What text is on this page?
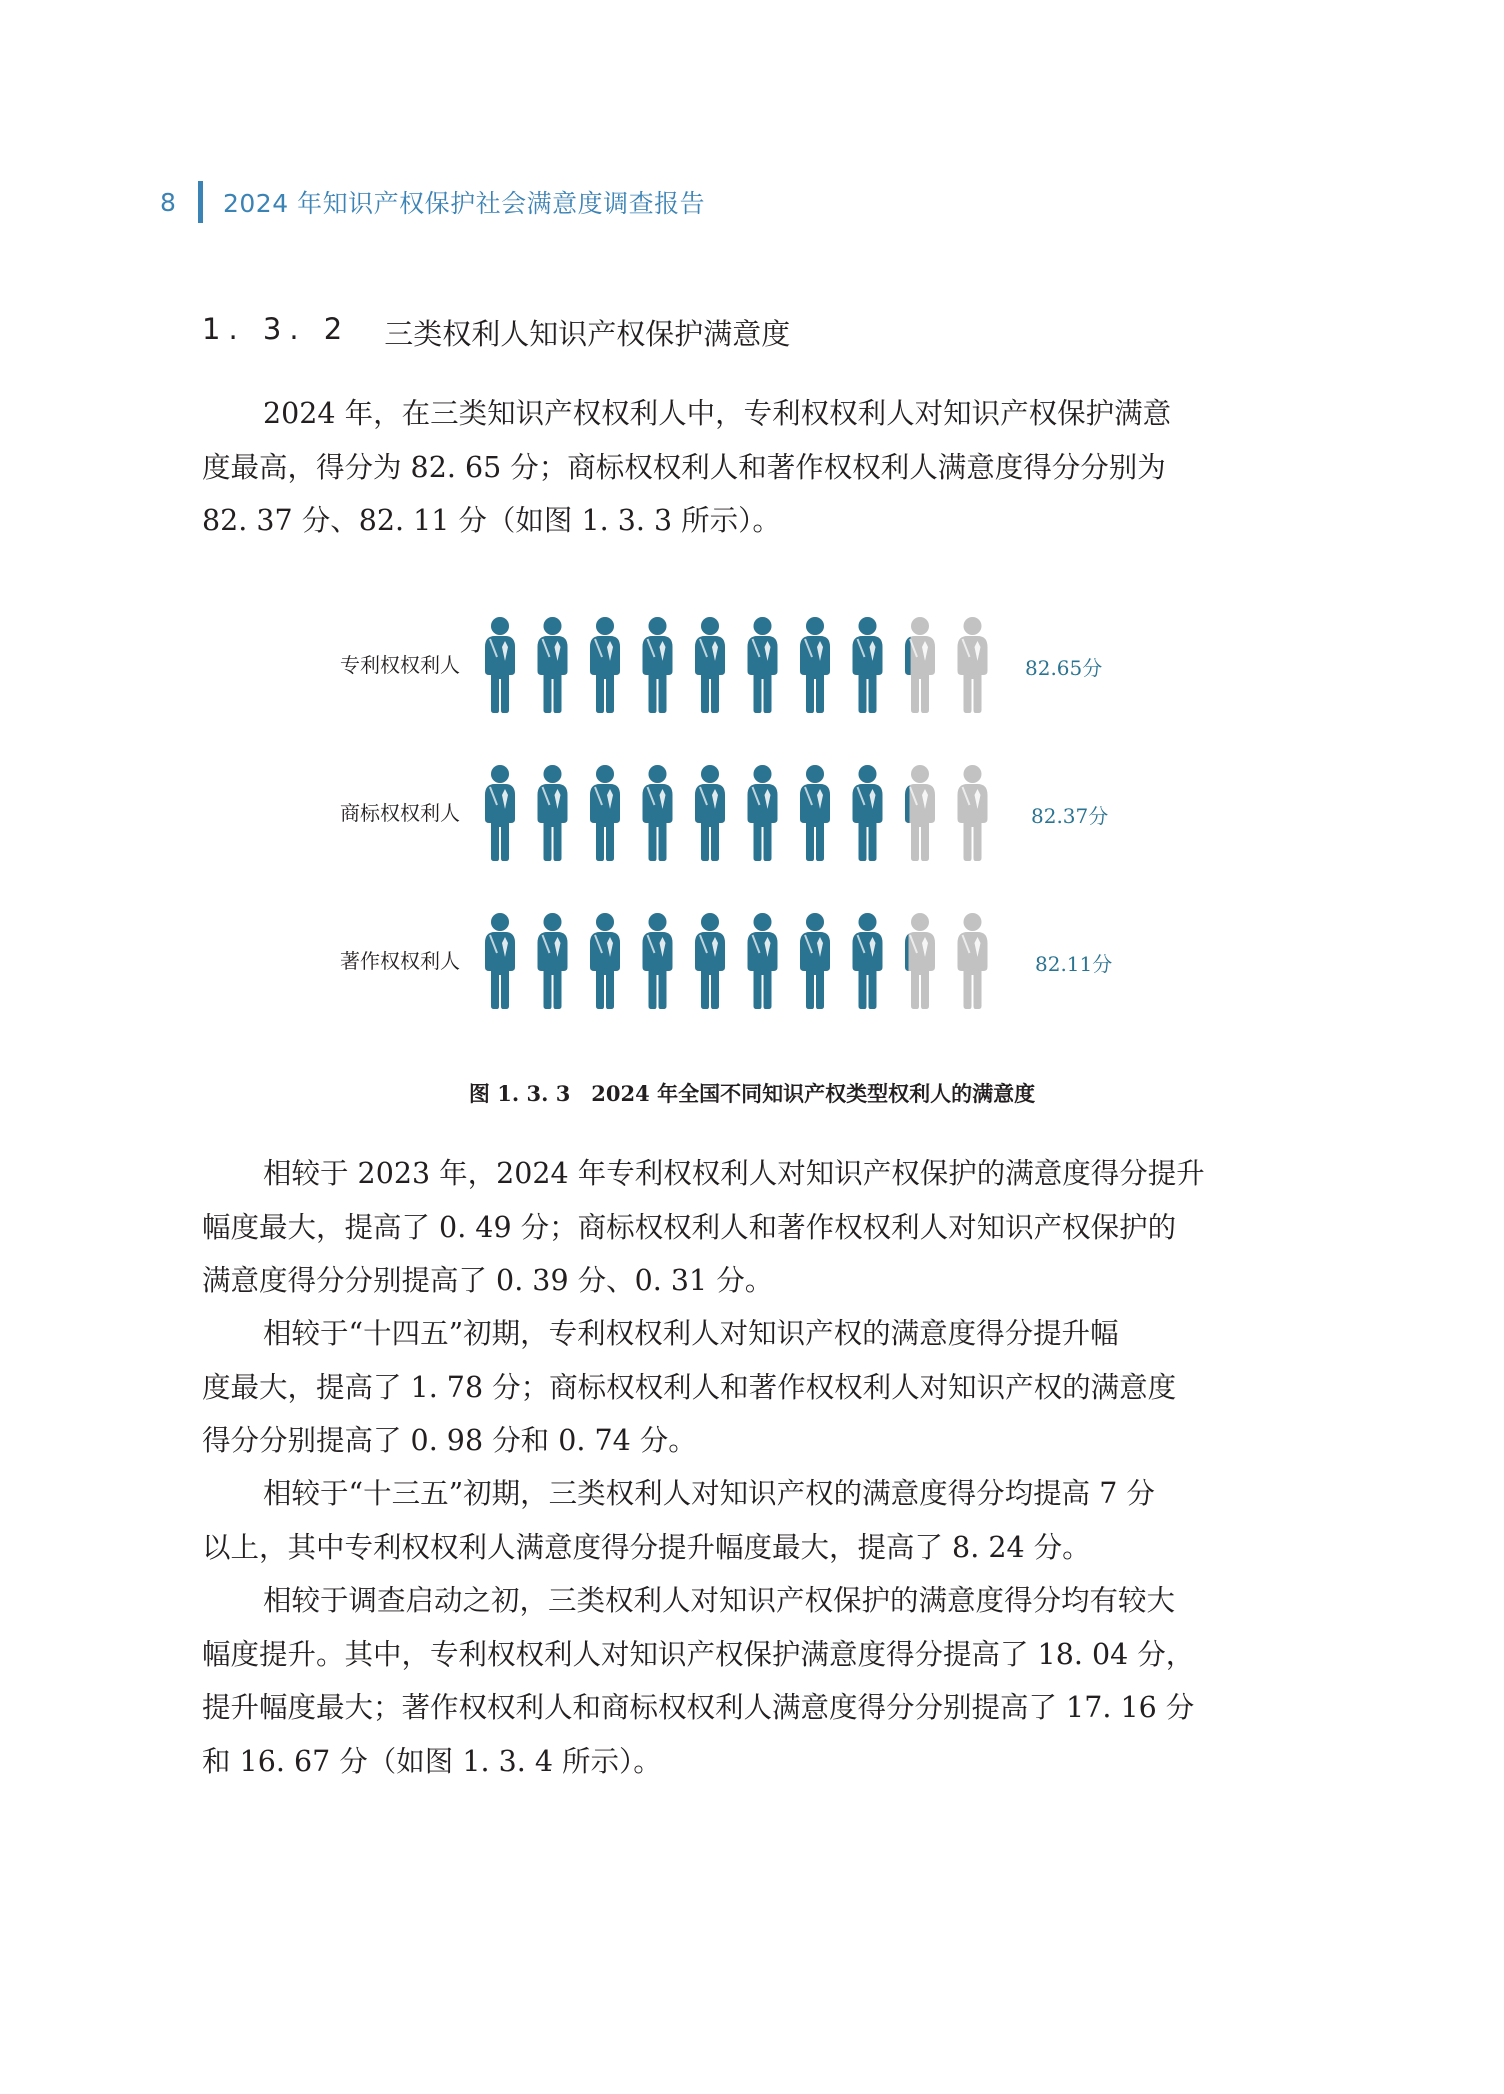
8	2024 年知识产权保护社会满意度调查报告
1. 3. 2 三类权利人知识产权保护满意度

2024 年，在三类知识产权权利人中，专利权权利人对知识产权保护满意
度最高，得分为 82. 65 分；商标权权利人和著作权权利人满意度得分分别为
82. 37 分、82. 11 分（如图 1. 3. 3 所示）。

专利权权利人	82.65分
商标权权利人	82.37分
著作权权利人	82.11分
图 1. 3. 3　2024 年全国不同知识产权类型权利人的满意度

相较于 2023 年，2024 年专利权权利人对知识产权保护的满意度得分提升
幅度最大，提高了 0. 49 分；商标权权利人和著作权权利人对知识产权保护的
满意度得分分别提高了 0. 39 分、0. 31 分。

相较于“十四五”初期，专利权权利人对知识产权的满意度得分提升幅
度最大，提高了 1. 78 分；商标权权利人和著作权权利人对知识产权的满意度
得分分别提高了 0. 98 分和 0. 74 分。

相较于“十三五”初期，三类权利人对知识产权的满意度得分均提高 7 分
以上，其中专利权权利人满意度得分提升幅度最大，提高了 8. 24 分。

相较于调查启动之初，三类权利人对知识产权保护的满意度得分均有较大
幅度提升。其中，专利权权利人对知识产权保护满意度得分提高了 18. 04 分，
提升幅度最大；著作权权利人和商标权权利人满意度得分分别提高了 17. 16 分
和 16. 67 分（如图 1. 3. 4 所示）。
